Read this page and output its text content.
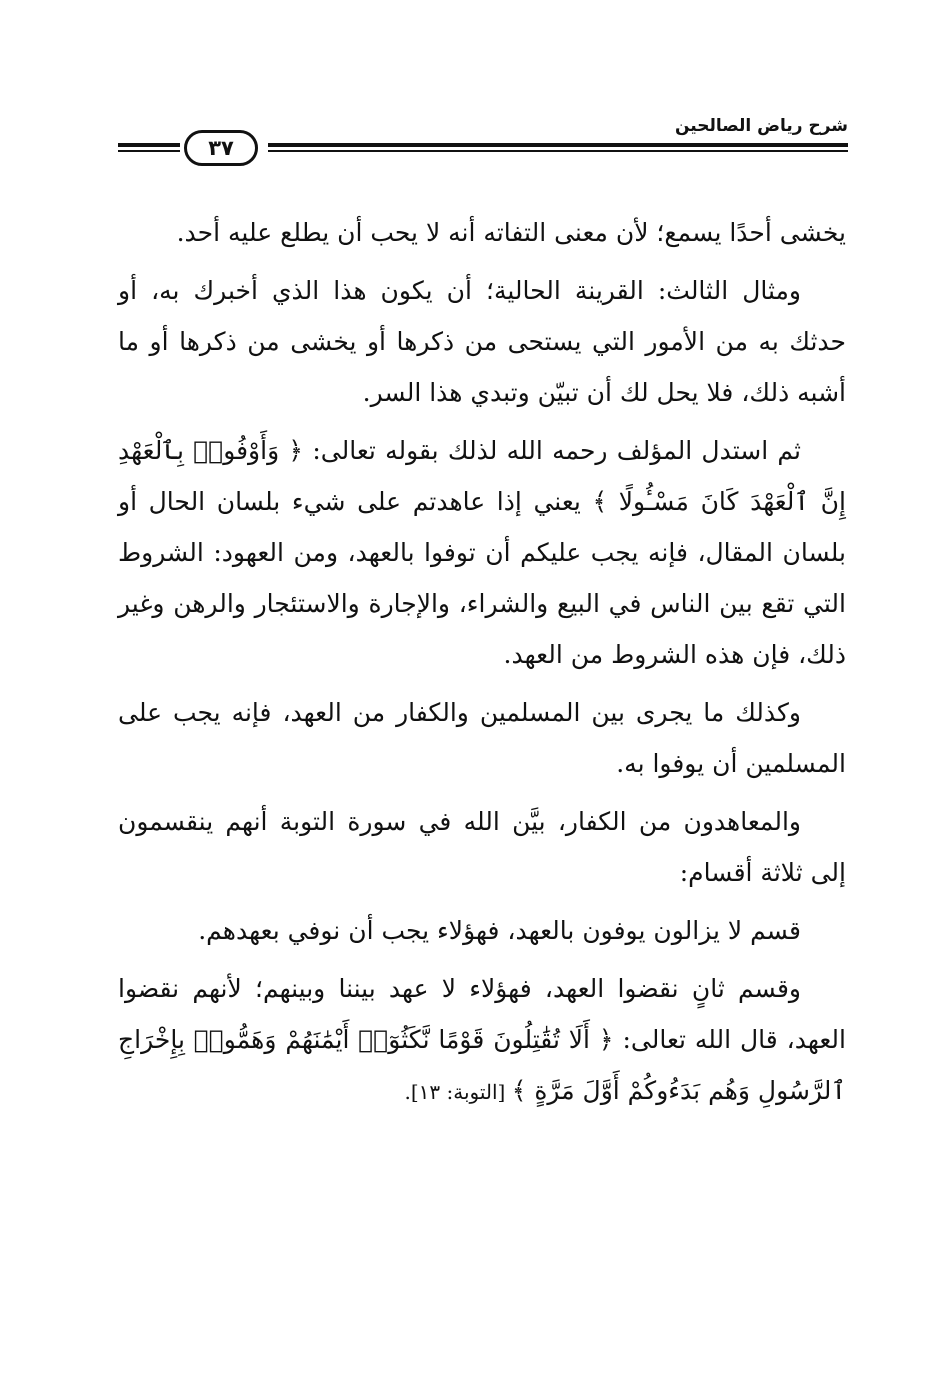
شرح رياض الصالحين
٣٧

يخشى أحدًا يسمع؛ لأن معنى التفاته أنه لا يحب أن يطلع عليه أحد.

ومثال الثالث: القرينة الحالية؛ أن يكون هذا الذي أخبرك به، أو حدثك به من الأمور التي يستحى من ذكرها أو يخشى من ذكرها أو ما أشبه ذلك، فلا يحل لك أن تبيّن وتبدي هذا السر.

ثم استدل المؤلف رحمه الله لذلك بقوله تعالى: ﴿ وَأَوْفُوا۟ بِٱلْعَهْدِ إِنَّ ٱلْعَهْدَ كَانَ مَسْـُٔولًا ﴾ يعني إذا عاهدتم على شيء بلسان الحال أو بلسان المقال، فإنه يجب عليكم أن توفوا بالعهد، ومن العهود: الشروط التي تقع بين الناس في البيع والشراء، والإجارة والاستئجار والرهن وغير ذلك، فإن هذه الشروط من العهد.

وكذلك ما يجرى بين المسلمين والكفار من العهد، فإنه يجب على المسلمين أن يوفوا به.

والمعاهدون من الكفار، بيَّن الله في سورة التوبة أنهم ينقسمون إلى ثلاثة أقسام:

قسم لا يزالون يوفون بالعهد، فهؤلاء يجب أن نوفي بعهدهم.

وقسم ثانٍ نقضوا العهد، فهؤلاء لا عهد بيننا وبينهم؛ لأنهم نقضوا العهد، قال الله تعالى: ﴿ أَلَا تُقَٰتِلُونَ قَوْمًا نَّكَثُوٓا۟ أَيْمَٰنَهُمْ وَهَمُّوا۟ بِإِخْرَاجِ ٱلرَّسُولِ وَهُم بَدَءُوكُمْ أَوَّلَ مَرَّةٍ ﴾ [التوبة: ١٣].
